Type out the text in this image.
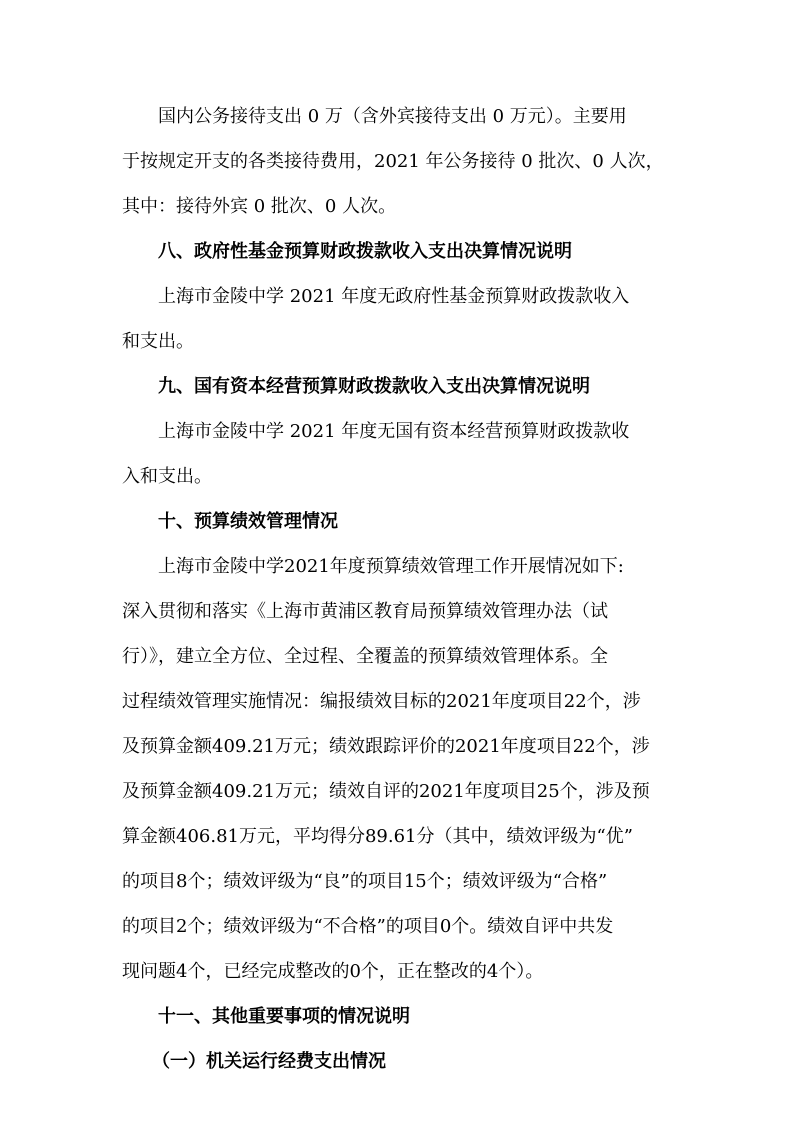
国内公务接待支出 0 万（含外宾接待支出 0 万元）。主要用
于按规定开支的各类接待费用，2021 年公务接待 0 批次、0 人次，
其中：接待外宾 0 批次、0 人次。
八、政府性基金预算财政拨款收入支出决算情况说明
上海市金陵中学 2021 年度无政府性基金预算财政拨款收入
和支出。
九、国有资本经营预算财政拨款收入支出决算情况说明
上海市金陵中学 2021 年度无国有资本经营预算财政拨款收
入和支出。
十、预算绩效管理情况
上海市金陵中学2021年度预算绩效管理工作开展情况如下:
深入贯彻和落实《上海市黄浦区教育局预算绩效管理办法（试
行）》，建立全方位、全过程、全覆盖的预算绩效管理体系。全
过程绩效管理实施情况：编报绩效目标的2021年度项目22个，涉
及预算金额409.21万元；绩效跟踪评价的2021年度项目22个，涉
及预算金额409.21万元；绩效自评的2021年度项目25个，涉及预
算金额406.81万元，平均得分89.61分（其中，绩效评级为“优”
的项目8个；绩效评级为“良”的项目15个；绩效评级为“合格”
的项目2个；绩效评级为“不合格”的项目0个。绩效自评中共发
现问题4个，已经完成整改的0个，正在整改的4个）。
十一、其他重要事项的情况说明
（一）机关运行经费支出情况
